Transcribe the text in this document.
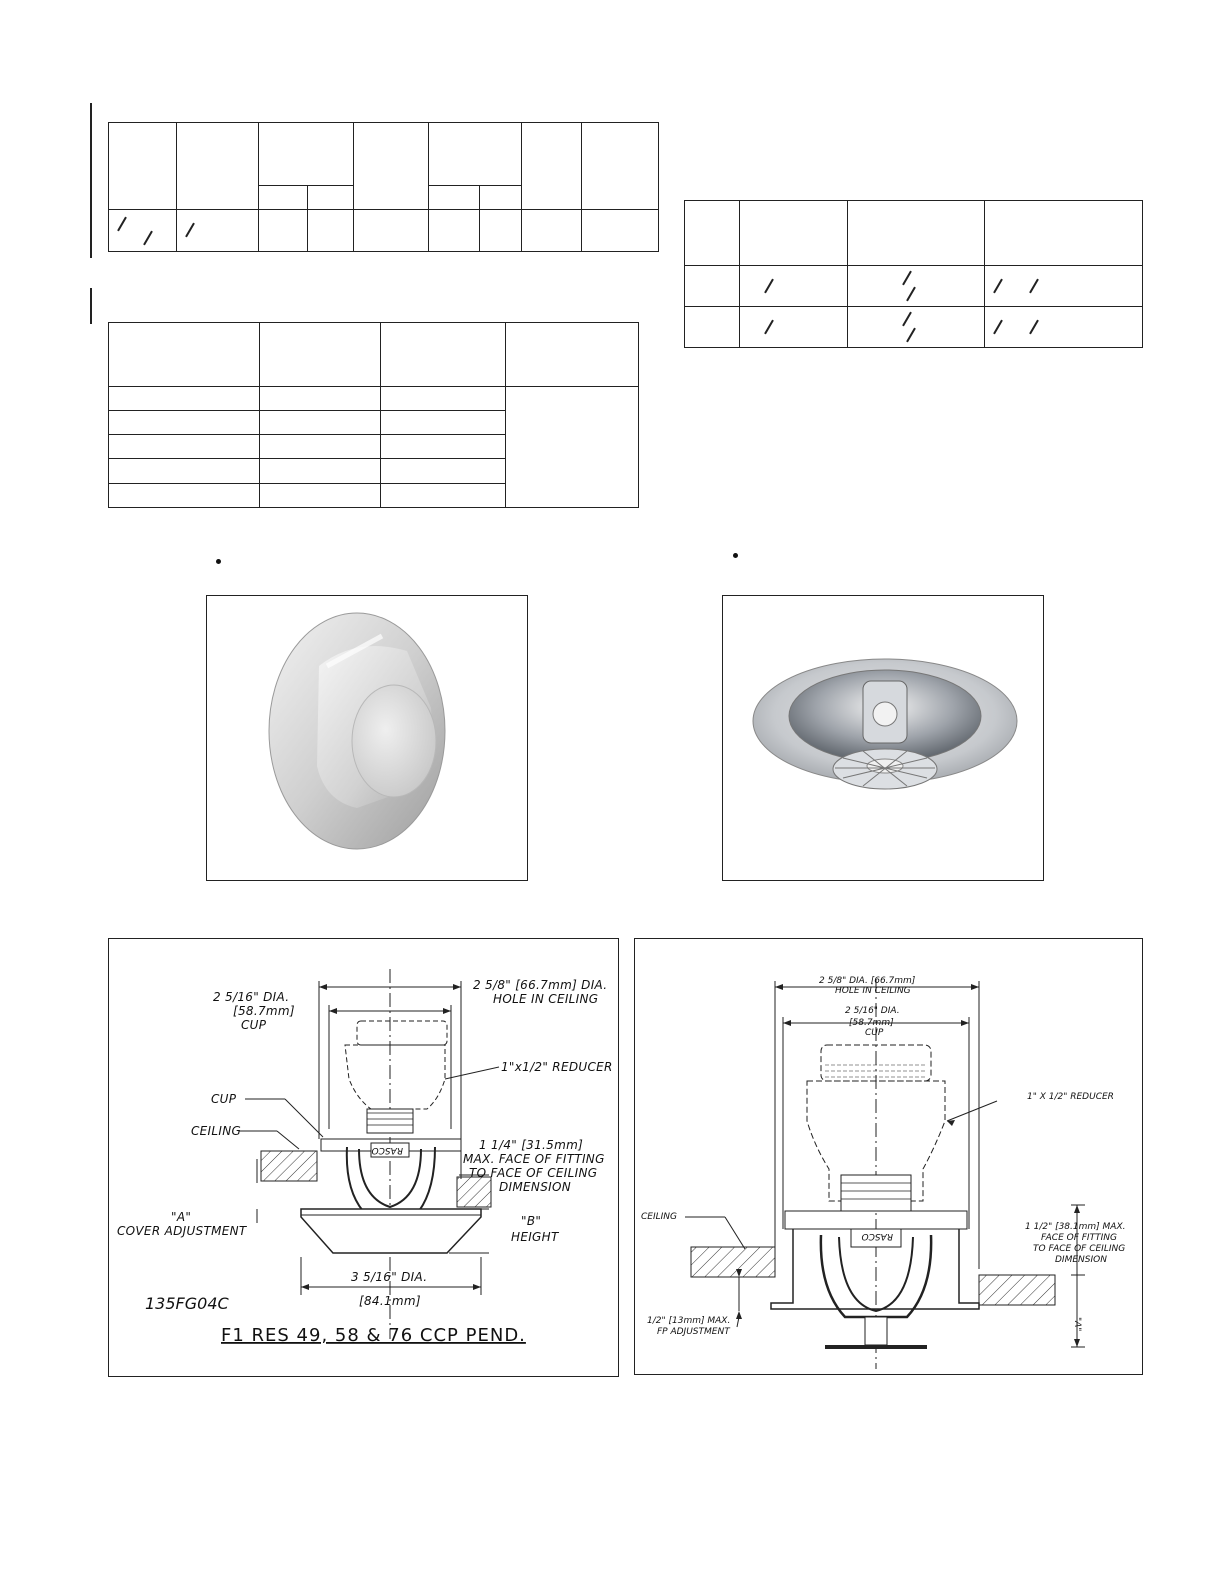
RASCO
2 5/16" DIA.
[58.7mm]
CUP
2 5/8" [66.7mm] DIA.
HOLE IN CEILING
1"x1/2" REDUCER
CUP
CEILING
1 1/4" [31.5mm]
MAX. FACE OF FITTING
TO FACE OF CEILING
DIMENSION
"A"
COVER ADJUSTMENT
"B"
HEIGHT
3 5/16" DIA.
[84.1mm]
135FG04C
F1 RES 49, 58 & 76 CCP PEND.
RASCO
2 5/8" DIA. [66.7mm]
HOLE IN CEILING
2 5/16" DIA.
[58.7mm]
CUP
1" X 1/2" REDUCER
CEILING
1 1/2" [38.1mm] MAX.
FACE OF FITTING
TO FACE OF CEILING
DIMENSION
1/2" [13mm] MAX.
FP ADJUSTMENT
"A"
